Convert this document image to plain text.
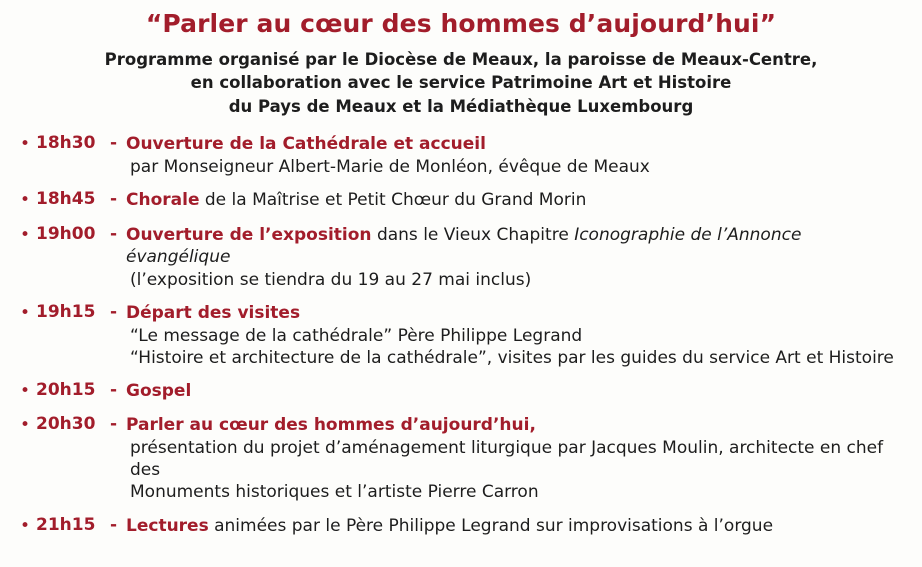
“Parler au cœur des hommes d’aujourd’hui”
Programme organisé par le Diocèse de Meaux, la paroisse de Meaux-Centre,
en collaboration avec le service Patrimoine Art et Histoire
du Pays de Meaux et la Médiathèque Luxembourg
• 18h30 - Ouverture de la Cathédrale et accueil
par Monseigneur Albert-Marie de Monléon, évêque de Meaux
• 18h45 - Chorale de la Maîtrise et Petit Chœur du Grand Morin
• 19h00 - Ouverture de l’exposition dans le Vieux Chapitre Iconographie de l’Annonce évangélique
(l’exposition se tiendra du 19 au 27 mai inclus)
• 19h15 - Départ des visites
“Le message de la cathédrale” Père Philippe Legrand
“Histoire et architecture de la cathédrale”, visites par les guides du service Art et Histoire
• 20h15 - Gospel
• 20h30 - Parler au cœur des hommes d’aujourd’hui,
présentation du projet d’aménagement liturgique par Jacques Moulin, architecte en chef des
Monuments historiques et l’artiste Pierre Carron
• 21h15 - Lectures animées par le Père Philippe Legrand sur improvisations à l’orgue
